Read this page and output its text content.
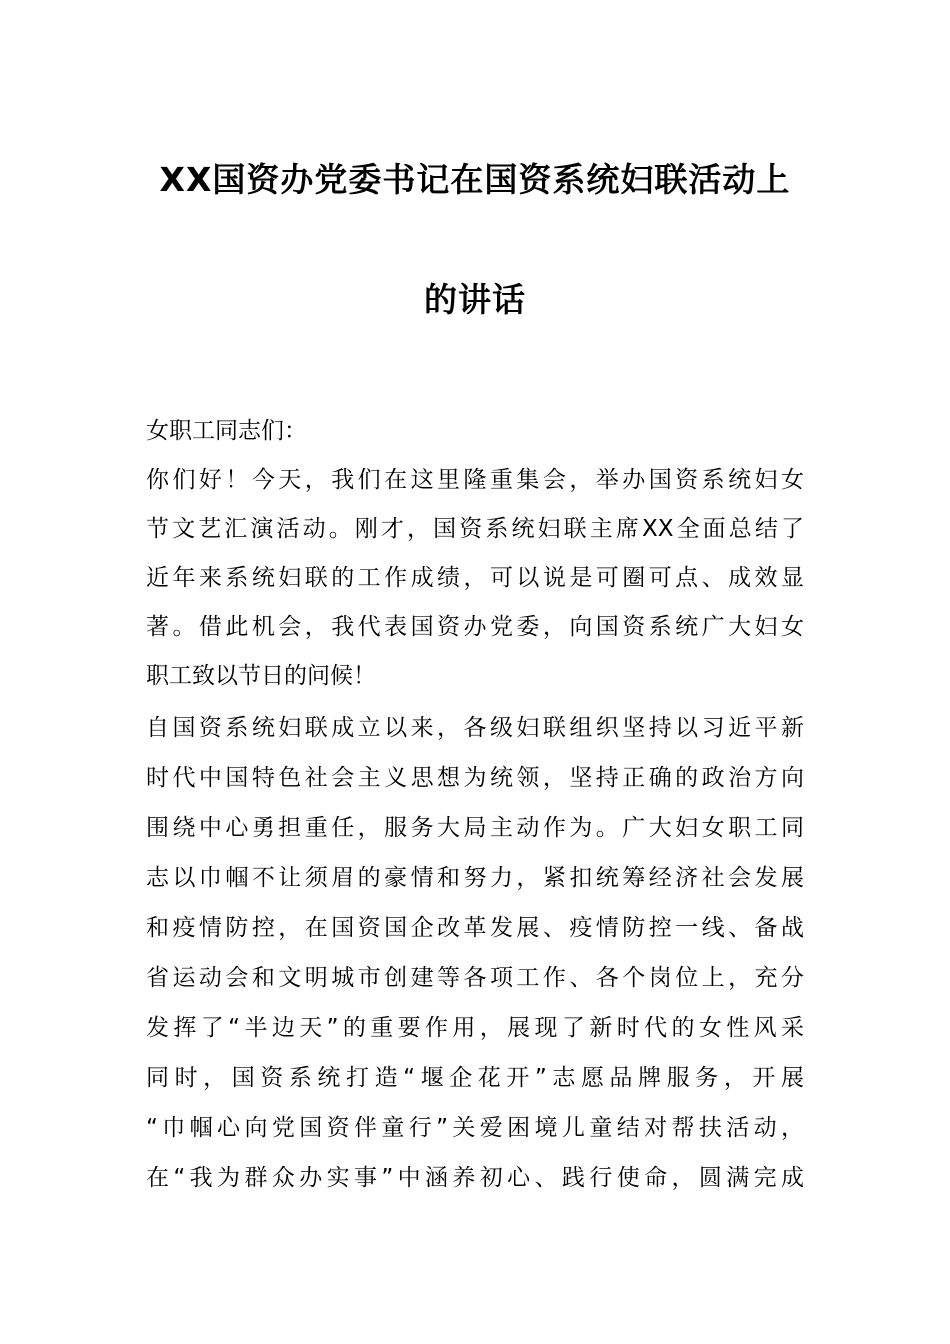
XX国资办党委书记在国资系统妇联活动上
的讲话
女职工同志们：
你们好！今天，我们在这里隆重集会，举办国资系统妇女
节文艺汇演活动。刚才，国资系统妇联主席XX全面总结了
近年来系统妇联的工作成绩，可以说是可圈可点、成效显
著。借此机会，我代表国资办党委，向国资系统广大妇女
职工致以节日的问候！
自国资系统妇联成立以来，各级妇联组织坚持以习近平新
时代中国特色社会主义思想为统领，坚持正确的政治方向
围绕中心勇担重任，服务大局主动作为。广大妇女职工同
志以巾帼不让须眉的豪情和努力，紧扣统筹经济社会发展
和疫情防控，在国资国企改革发展、疫情防控一线、备战
省运动会和文明城市创建等各项工作、各个岗位上，充分
发挥了“半边天”的重要作用，展现了新时代的女性风采
同时，国资系统打造“堰企花开”志愿品牌服务，开展
“巾帼心向党国资伴童行”关爱困境儿童结对帮扶活动，
在“我为群众办实事”中涵养初心、践行使命，圆满完成
